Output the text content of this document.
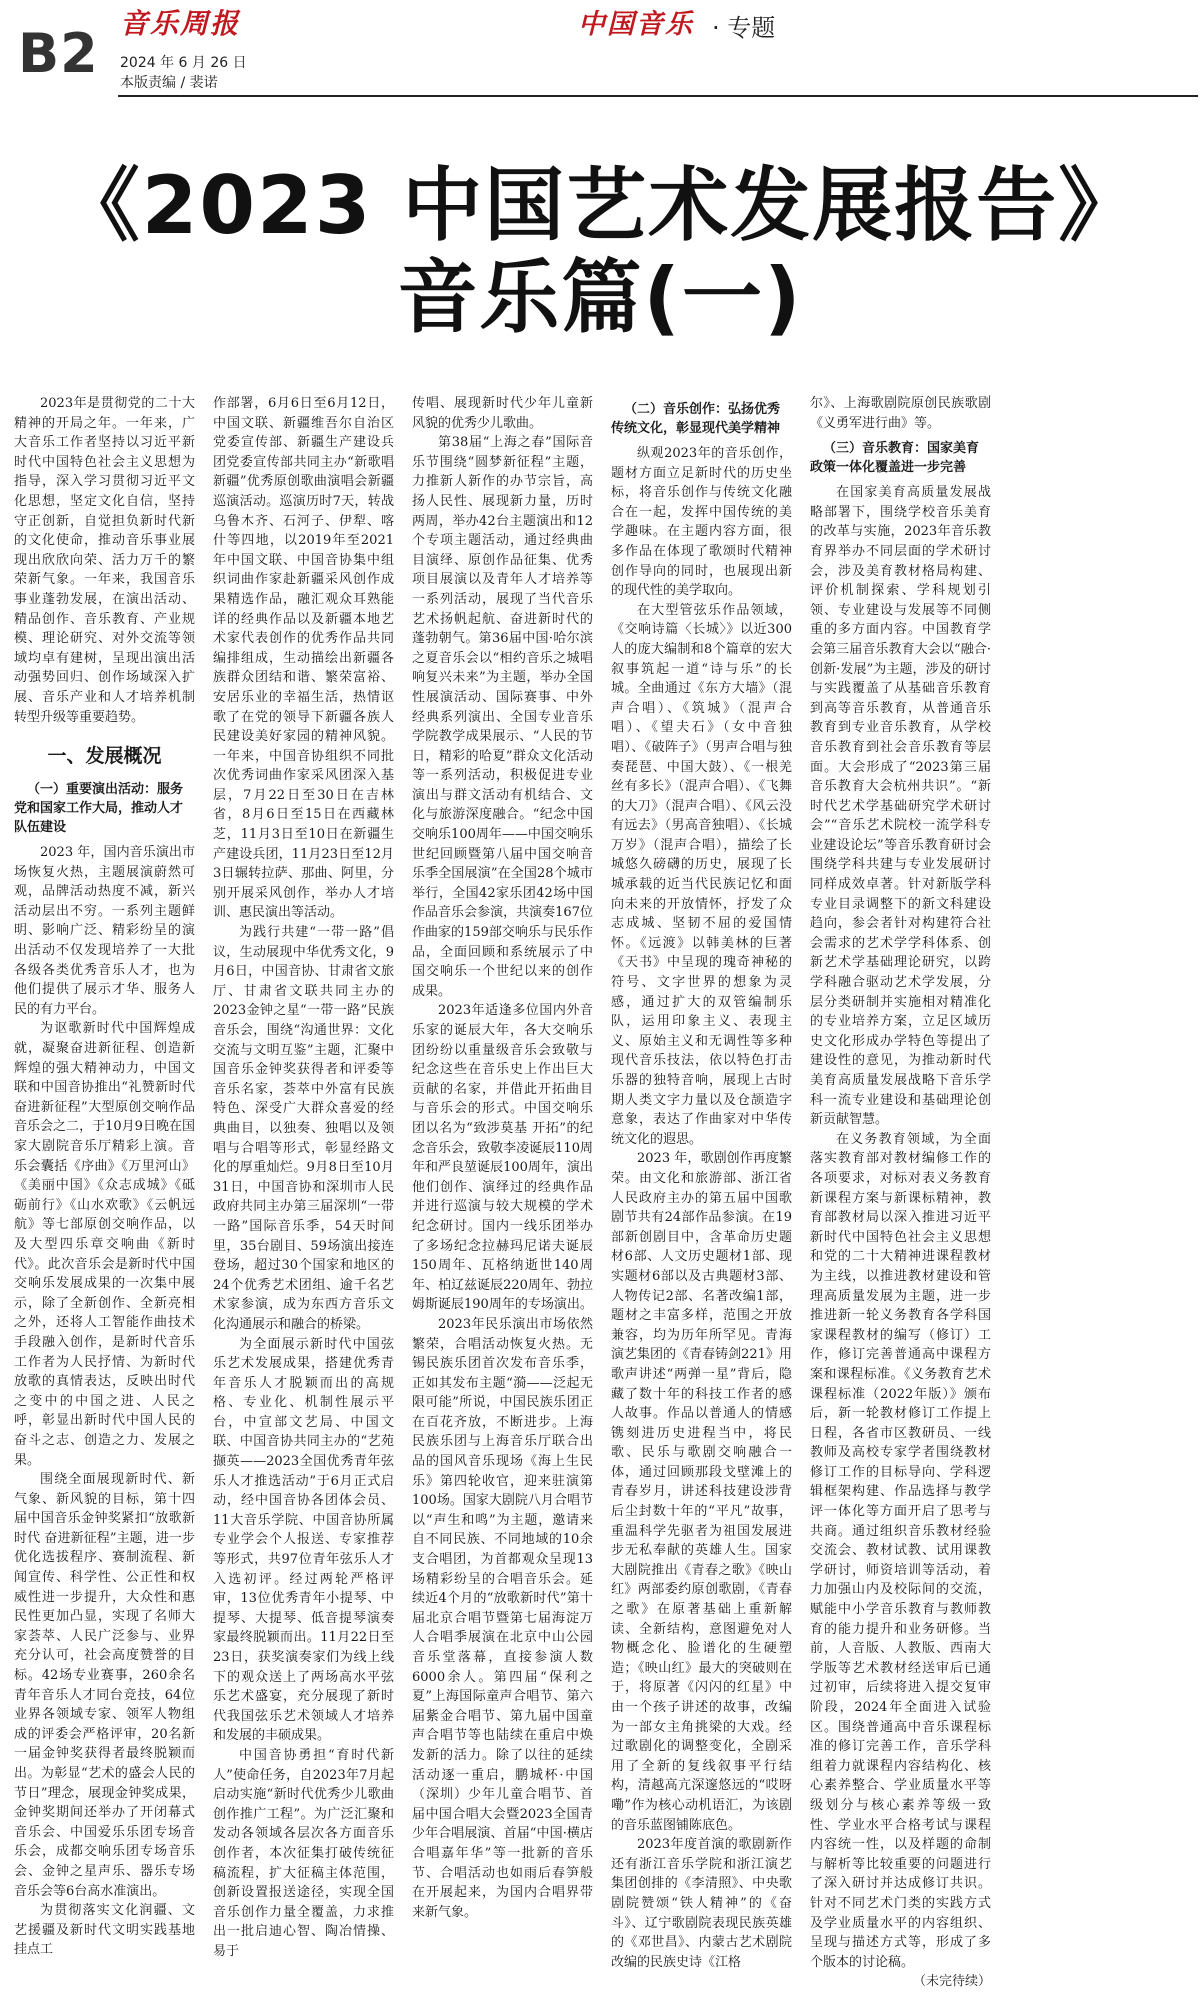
B2 音乐周报
2024 年 6 月 26 日
本版责编 / 裴诺
中国音乐 · 专题
《2023 中国艺术发展报告》
音乐篇(一)

2023年是贯彻党的二十大精神的开局之年。一年来，广大音乐工作者坚持以习近平新时代中国特色社会主义思想为指导，深入学习贯彻习近平文化思想，坚定文化自信，坚持守正创新，自觉担负新时代新的文化使命，推动音乐事业展现出欣欣向荣、活力万千的繁荣新气象。一年来，我国音乐事业蓬勃发展，在演出活动、精品创作、音乐教育、产业规模、理论研究、对外交流等领域均卓有建树，呈现出演出活动强势回归、创作场域深入扩展、音乐产业和人才培养机制转型升级等重要趋势。

一、发展概况
（一）重要演出活动：服务党和国家工作大局，推动人才队伍建设

2023 年，国内音乐演出市场恢复火热，主题展演蔚然可观，品牌活动热度不减，新兴活动层出不穷。一系列主题鲜明、影响广泛、精彩纷呈的演出活动不仅发现培养了一大批各级各类优秀音乐人才，也为他们提供了展示才华、服务人民的有力平台。

为讴歌新时代中国辉煌成就，凝聚奋进新征程、创造新辉煌的强大精神动力，中国文联和中国音协推出“礼赞新时代 奋进新征程”大型原创交响作品音乐会之二，于10月9日晚在国家大剧院音乐厅精彩上演。音乐会囊括《序曲》《万里河山》《美丽中国》《众志成城》《砥砺前行》《山水欢歌》《云帆远航》等七部原创交响作品，以及大型四乐章交响曲《新时代》。此次音乐会是新时代中国交响乐发展成果的一次集中展示，除了全新创作、全新亮相之外，还将人工智能作曲技术手段融入创作，是新时代音乐工作者为人民抒情、为新时代放歌的真情表达，反映出时代之变中的中国之进、人民之呼，彰显出新时代中国人民的奋斗之志、创造之力、发展之果。

围绕全面展现新时代、新气象、新风貌的目标，第十四届中国音乐金钟奖紧扣“放歌新时代 奋进新征程”主题，进一步优化选拔程序、赛制流程、新闻宣传、科学性、公正性和权威性进一步提升，大众性和惠民性更加凸显，实现了名师大家荟萃、人民广泛参与、业界充分认可，社会高度赞誉的目标。42场专业赛事，260余名青年音乐人才同台竞技，64位业界各领域专家、领军人物组成的评委会严格评审，20名新一届金钟奖获得者最终脱颖而出。为彰显“艺术的盛会人民的节日”理念，展现金钟奖成果，金钟奖期间还举办了开闭幕式音乐会、中国爱乐乐团专场音乐会，成都交响乐团专场音乐会、金钟之星声乐、器乐专场音乐会等6台高水准演出。

为贯彻落实文化润疆、文艺援疆及新时代文明实践基地挂点工

作部署，6月6日至6月12日，中国文联、新疆维吾尔自治区党委宣传部、新疆生产建设兵团党委宣传部共同主办“新歌唱新疆”优秀原创歌曲演唱会新疆巡演活动。巡演历时7天，转战乌鲁木齐、石河子、伊犁、喀什等四地，以2019年至2021年中国文联、中国音协集中组织词曲作家赴新疆采风创作成果精选作品，融汇观众耳熟能详的经典作品以及新疆本地艺术家代表创作的优秀作品共同编排组成，生动描绘出新疆各族群众团结和谐、繁荣富裕、安居乐业的幸福生活，热情讴歌了在党的领导下新疆各族人民建设美好家园的精神风貌。一年来，中国音协组织不同批次优秀词曲作家采风团深入基层，7月22日至30日在吉林省，8月6日至15日在西藏林芝，11月3日至10日在新疆生产建设兵团，11月23日至12月3日辗转拉萨、那曲、阿里，分别开展采风创作，举办人才培训、惠民演出等活动。

为践行共建“一带一路”倡议，生动展现中华优秀文化，9月6日，中国音协、甘肃省文旅厅、甘肃省文联共同主办的2023金钟之星“一带一路”民族音乐会，围绕“沟通世界：文化交流与文明互鉴”主题，汇聚中国音乐金钟奖获得者和评委等音乐名家，荟萃中外富有民族特色、深受广大群众喜爱的经典曲目，以独奏、独唱以及领唱与合唱等形式，彰显经路文化的厚重灿烂。9月8日至10月31日，中国音协和深圳市人民政府共同主办第三届深圳“一带一路”国际音乐季，54天时间里，35台剧目、59场演出接连登场，超过30个国家和地区的24个优秀艺术团组、逾千名艺术家参演，成为东西方音乐文化沟通展示和融合的桥梁。

为全面展示新时代中国弦乐艺术发展成果，搭建优秀青年音乐人才脱颖而出的高规格、专业化、机制性展示平台，中宣部文艺局、中国文联、中国音协共同主办的“艺苑撷英——2023全国优秀青年弦乐人才推选活动”于6月正式启动，经中国音协各团体会员、11大音乐学院、中国音协所属专业学会个人报送、专家推荐等形式，共97位青年弦乐人才入选初评。经过两轮严格评审，13位优秀青年小提琴、中提琴、大提琴、低音提琴演奏家最终脱颖而出。11月22日至23日，获奖演奏家们为线上线下的观众送上了两场高水平弦乐艺术盛宴，充分展现了新时代我国弦乐艺术领域人才培养和发展的丰硕成果。

中国音协勇担“育时代新人”使命任务，自2023年7月起启动实施“新时代优秀少儿歌曲创作推广工程”。为广泛汇聚和发动各领域各层次各方面音乐创作者，本次征集打破传统征稿流程，扩大征稿主体范围，创新设置报送途径，实现全国音乐创作力量全覆盖，力求推出一批启迪心智、陶冶情操、易于

传唱、展现新时代少年儿童新风貌的优秀少儿歌曲。

第38届“上海之春”国际音乐节围绕“圆梦新征程”主题，力推新人新作的办节宗旨，高扬人民性、展现新力量，历时两周，举办42台主题演出和12个专项主题活动，通过经典曲目演绎、原创作品征集、优秀项目展演以及青年人才培养等一系列活动，展现了当代音乐艺术扬帆起航、奋进新时代的蓬勃朝气。第36届中国·哈尔滨之夏音乐会以“相约音乐之城唱响复兴未来”为主题，举办全国性展演活动、国际赛事、中外经典系列演出、全国专业音乐学院教学成果展示、“人民的节日，精彩的哈夏”群众文化活动等一系列活动，积极促进专业演出与群文活动有机结合、文化与旅游深度融合。“纪念中国交响乐100周年——中国交响乐世纪回顾暨第八届中国交响音乐季全国展演”在全国28个城市举行，全国42家乐团42场中国作品音乐会参演，共演奏167位作曲家的159部交响乐与民乐作品，全面回顾和系统展示了中国交响乐一个世纪以来的创作成果。

2023年适逢多位国内外音乐家的诞辰大年，各大交响乐团纷纷以重量级音乐会致敬与纪念这些在音乐史上作出巨大贡献的名家，并借此开拓曲目与音乐会的形式。中国交响乐团以名为“致涉莫基 开拓”的纪念音乐会，致敬李凌诞辰110周年和严良堃诞辰100周年，演出他们创作、演绎过的经典作品并进行巡演与较大规模的学术纪念研讨。国内一线乐团举办了多场纪念拉赫玛尼诺夫诞辰150周年、瓦格纳逝世140周年、柏辽兹诞辰220周年、勃拉姆斯诞辰190周年的专场演出。

2023年民乐演出市场依然繁荣，合唱活动恢复火热。无锡民族乐团首次发布音乐季，正如其发布主题“漪——泛起无限可能”所说，中国民族乐团正在百花齐放，不断进步。上海民族乐团与上海音乐厅联合出品的国风音乐现场《海上生民乐》第四轮收官，迎来驻演第100场。国家大剧院八月合唱节以“声生和鸣”为主题，邀请来自不同民族、不同地域的10余支合唱团，为首都观众呈现13场精彩纷呈的合唱音乐会。延续近4个月的“放歌新时代”第十届北京合唱节暨第七届海淀万人合唱季展演在北京中山公园音乐堂落幕，直接参演人数6000余人。第四届“保利之夏”上海国际童声合唱节、第六届紫金合唱节、第九届中国童声合唱节等也陆续在重启中焕发新的活力。除了以往的延续活动逐一重启，鹏城杯·中国（深圳）少年儿童合唱节、首届中国合唱大会暨2023全国青少年合唱展演、首届“中国·横店合唱嘉年华”等一批新的音乐节、合唱活动也如雨后春笋般在开展起来，为国内合唱界带来新气象。

（二）音乐创作：弘扬优秀传统文化，彰显现代美学精神

纵观2023年的音乐创作，题材方面立足新时代的历史坐标，将音乐创作与传统文化融合在一起，发挥中国传统的美学趣味。在主题内容方面，很多作品在体现了歌颂时代精神创作导向的同时，也展现出新的现代性的美学取向。

在大型管弦乐作品领域，《交响诗篇〈长城〉》以近300人的庞大编制和8个篇章的宏大叙事筑起一道“诗与乐”的长城。全曲通过《东方大墙》（混声合唱）、《筑城》（混声合唱）、《望夫石》（女中音独唱）、《破阵子》（男声合唱与独奏琵琶、中国大鼓）、《一根羌丝有多长》（混声合唱）、《飞舞的大刀》（混声合唱）、《风云没有远去》（男高音独唱）、《长城万岁》（混声合唱），描绘了长城悠久磅礴的历史，展现了长城承载的近当代民族记忆和面向未来的开放情怀，抒发了众志成城、坚韧不屈的爱国情怀。《远渡》以韩美林的巨著《天书》中呈现的瑰奇神秘的符号、文字世界的想象为灵感，通过扩大的双管编制乐队，运用印象主义、表现主义、原始主义和无调性等多种现代音乐技法，依以特色打击乐器的独特音响，展现上古时期人类文字力量以及仓颉造字意象，表达了作曲家对中华传统文化的遐思。

2023 年，歌剧创作再度繁荣。由文化和旅游部、浙江省人民政府主办的第五届中国歌剧节共有24部作品参演。在19部新创剧目中，含革命历史题材6部、人文历史题材1部、现实题材6部以及古典题材3部、人物传记2部、名著改编1部，题材之丰富多样，范围之开放兼容，均为历年所罕见。青海演艺集团的《青春铸剑221》用歌声讲述“两弹一星”背后，隐藏了数十年的科技工作者的感人故事。作品以普通人的情感镌刻进历史进程当中，将民歌、民乐与歌剧交响融合一体，通过回顾那段戈壁滩上的青春岁月，讲述科技建设涉背后尘封数十年的“平凡”故事，重温科学先驱者为祖国发展进步无私奉献的英雄人生。国家大剧院推出《青春之歌》《映山红》两部委约原创歌剧，《青春之歌》在原著基础上重新解读、全新结构，意图避免对人物概念化、脸谱化的生硬塑造；《映山红》最大的突破则在于，将原著《闪闪的红星》中由一个孩子讲述的故事，改编为一部女主角挑梁的大戏。经过歌剧化的调整变化，全剧采用了全新的复线叙事平行结构，清越高亢深邃悠远的“哎呀嘞”作为核心动机语汇，为该剧的音乐蓝图铺陈底色。

2023年度首演的歌剧新作还有浙江音乐学院和浙江演艺集团创排的《李清照》、中央歌剧院赞颂“铁人精神”的《奋斗》、辽宁歌剧院表现民族英雄的《邓世昌》、内蒙古艺术剧院改编的民族史诗《江格

尔》、上海歌剧院原创民族歌剧《义勇军进行曲》等。

（三）音乐教育：国家美育政策一体化覆盖进一步完善

在国家美育高质量发展战略部署下，围绕学校音乐美育的改革与实施，2023年音乐教育界举办不同层面的学术研讨会，涉及美育教材格局构建、评价机制探索、学科规划引领、专业建设与发展等不同侧重的多方面内容。中国教育学会第三届音乐教育大会以“融合·创新·发展”为主题，涉及的研讨与实践覆盖了从基础音乐教育到高等音乐教育，从普通音乐教育到专业音乐教育，从学校音乐教育到社会音乐教育等层面。大会形成了“2023第三届音乐教育大会杭州共识”。“新时代艺术学基础研究学术研讨会”“音乐艺术院校一流学科专业建设论坛”等音乐教育研讨会围绕学科共建与专业发展研讨同样成效卓著。针对新版学科专业目录调整下的新文科建设趋向，参会者针对构建符合社会需求的艺术学学科体系、创新艺术学基础理论研究，以跨学科融合驱动艺术学发展，分层分类研制并实施相对精准化的专业培养方案，立足区域历史文化形成办学特色等提出了建设性的意见，为推动新时代美育高质量发展战略下音乐学科一流专业建设和基础理论创新贡献智慧。

在义务教育领域，为全面落实教育部对教材编修工作的各项要求，对标对表义务教育新课程方案与新课标精神，教育部教材局以深入推进习近平新时代中国特色社会主义思想和党的二十大精神进课程教材为主线，以推进教材建设和管理高质量发展为主题，进一步推进新一轮义务教育各学科国家课程教材的编写（修订）工作，修订完善普通高中课程方案和课程标准。《义务教育艺术课程标准（2022年版）》颁布后，新一轮教材修订工作提上日程，各省市区教研员、一线教师及高校专家学者围绕教材修订工作的目标导向、学科逻辑框架构建、作品选择与教学评一体化等方面开启了思考与共商。通过组织音乐教材经验交流会、教材试教、试用课教学研讨，师资培训等活动，着力加强山内及校际间的交流，赋能中小学音乐教育与教师教育的能力提升和业务研修。当前，人音版、人教版、西南大学版等艺术教材经送审后已通过初审，后续将进入提交复审阶段，2024年全面进入试验区。围绕普通高中音乐课程标准的修订完善工作，音乐学科组着力就课程内容结构化、核心素养整合、学业质量水平等级划分与核心素养等级一致性、学业水平合格考试与课程内容统一性，以及样题的命制与解析等比较重要的问题进行了深入研讨并达成修订共识。针对不同艺术门类的实践方式及学业质量水平的内容组织、呈现与描述方式等，形成了多个版本的讨论稿。

（未完待续）
